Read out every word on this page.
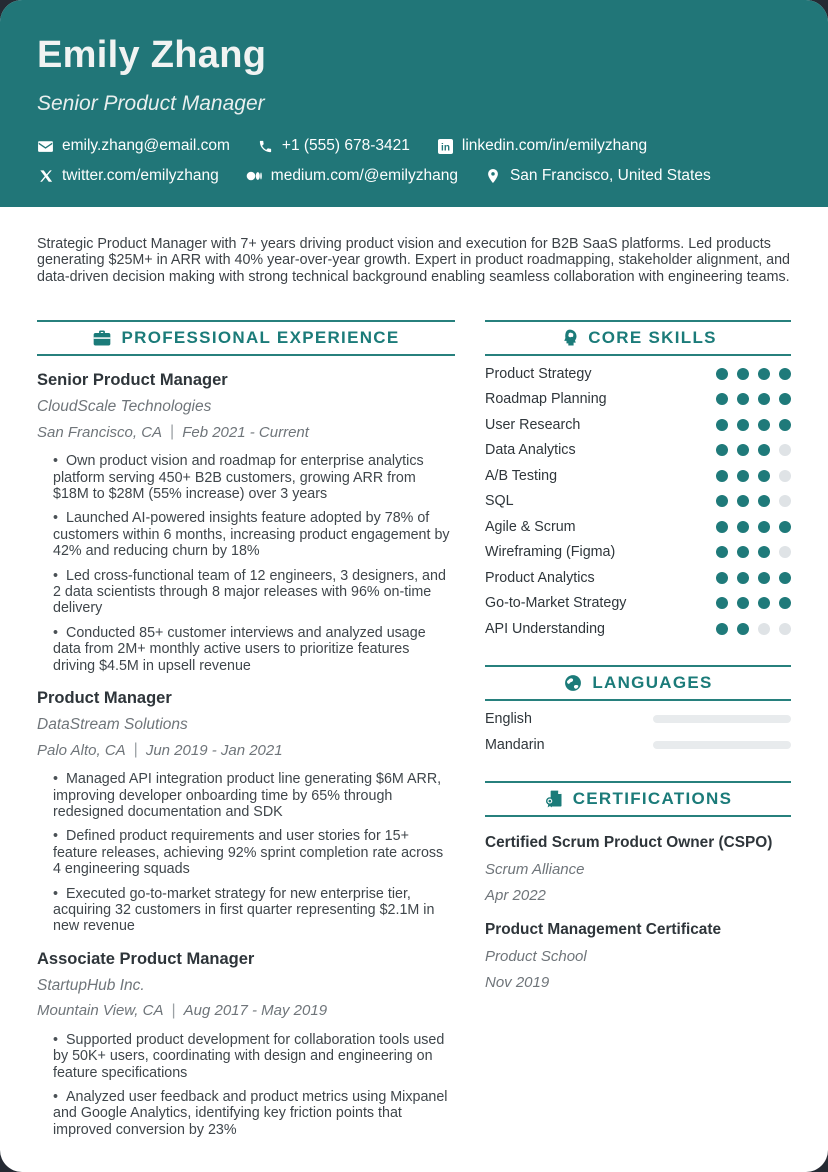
Emily Zhang
Senior Product Manager
emily.zhang@email.com	+1 (555) 678-3421	in linkedin.com/in/emilyzhang
twitter.com/emilyzhang	medium.com/@emilyzhang	San Francisco, United States
Strategic Product Manager with 7+ years driving product vision and execution for B2B SaaS platforms. Led products generating $25M+ in ARR with 40% year-over-year growth. Expert in product roadmapping, stakeholder alignment, and data-driven decision making with strong technical background enabling seamless collaboration with engineering teams.
PROFESSIONAL EXPERIENCE
Senior Product Manager
CloudScale Technologies
San Francisco, CA | Feb 2021 - Current
• Own product vision and roadmap for enterprise analytics platform serving 450+ B2B customers, growing ARR from $18M to $28M (55% increase) over 3 years
• Launched AI-powered insights feature adopted by 78% of customers within 6 months, increasing product engagement by 42% and reducing churn by 18%
• Led cross-functional team of 12 engineers, 3 designers, and 2 data scientists through 8 major releases with 96% on-time delivery
• Conducted 85+ customer interviews and analyzed usage data from 2M+ monthly active users to prioritize features driving $4.5M in upsell revenue
Product Manager
DataStream Solutions
Palo Alto, CA | Jun 2019 - Jan 2021
• Managed API integration product line generating $6M ARR, improving developer onboarding time by 65% through redesigned documentation and SDK
• Defined product requirements and user stories for 15+ feature releases, achieving 92% sprint completion rate across 4 engineering squads
• Executed go-to-market strategy for new enterprise tier, acquiring 32 customers in first quarter representing $2.1M in new revenue
Associate Product Manager
StartupHub Inc.
Mountain View, CA | Aug 2017 - May 2019
• Supported product development for collaboration tools used by 50K+ users, coordinating with design and engineering on feature specifications
• Analyzed user feedback and product metrics using Mixpanel and Google Analytics, identifying key friction points that improved conversion by 23%
CORE SKILLS
Product Strategy
Roadmap Planning
User Research
Data Analytics
A/B Testing
SQL
Agile & Scrum
Wireframing (Figma)
Product Analytics
Go-to-Market Strategy
API Understanding
LANGUAGES
English
Mandarin
CERTIFICATIONS
Certified Scrum Product Owner (CSPO)
Scrum Alliance
Apr 2022
Product Management Certificate
Product School
Nov 2019
